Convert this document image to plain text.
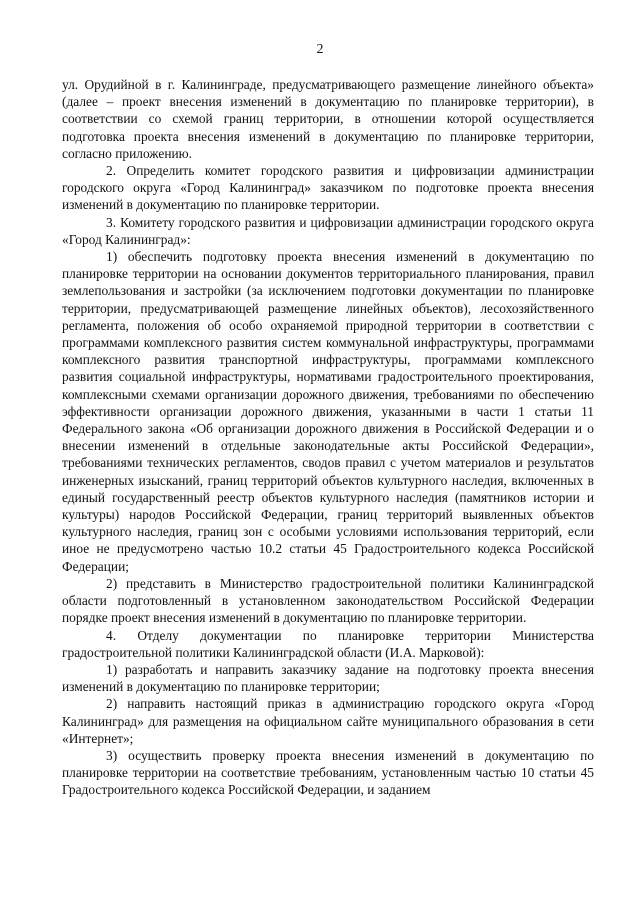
2

ул. Орудийной в г. Калининграде, предусматривающего размещение линейного объекта» (далее – проект внесения изменений в документацию по планировке территории), в соответствии со схемой границ территории, в отношении которой осуществляется подготовка проекта внесения изменений в документацию по планировке территории, согласно приложению.

2. Определить комитет городского развития и цифровизации администрации городского округа «Город Калининград» заказчиком по подготовке проекта внесения изменений в документацию по планировке территории.

3. Комитету городского развития и цифровизации администрации городского округа «Город Калининград»:

1) обеспечить подготовку проекта внесения изменений в документацию по планировке территории на основании документов территориального планирования, правил землепользования и застройки (за исключением подготовки документации по планировке территории, предусматривающей размещение линейных объектов), лесохозяйственного регламента, положения об особо охраняемой природной территории в соответствии с программами комплексного развития систем коммунальной инфраструктуры, программами комплексного развития транспортной инфраструктуры, программами комплексного развития социальной инфраструктуры, нормативами градостроительного проектирования, комплексными схемами организации дорожного движения, требованиями по обеспечению эффективности организации дорожного движения, указанными в части 1 статьи 11 Федерального закона «Об организации дорожного движения в Российской Федерации и о внесении изменений в отдельные законодательные акты Российской Федерации», требованиями технических регламентов, сводов правил с учетом материалов и результатов инженерных изысканий, границ территорий объектов культурного наследия, включенных в единый государственный реестр объектов культурного наследия (памятников истории и культуры) народов Российской Федерации, границ территорий выявленных объектов культурного наследия, границ зон с особыми условиями использования территорий, если иное не предусмотрено частью 10.2 статьи 45 Градостроительного кодекса Российской Федерации;

2) представить в Министерство градостроительной политики Калининградской области подготовленный в установленном законодательством Российской Федерации порядке проект внесения изменений в документацию по планировке территории.

4. Отделу документации по планировке территории Министерства градостроительной политики Калининградской области (И.А. Марковой):

1) разработать и направить заказчику задание на подготовку проекта внесения изменений в документацию по планировке территории;

2) направить настоящий приказ в администрацию городского округа «Город Калининград» для размещения на официальном сайте муниципального образования в сети «Интернет»;

3) осуществить проверку проекта внесения изменений в документацию по планировке территории на соответствие требованиям, установленным частью 10 статьи 45 Градостроительного кодекса Российской Федерации, и заданием
